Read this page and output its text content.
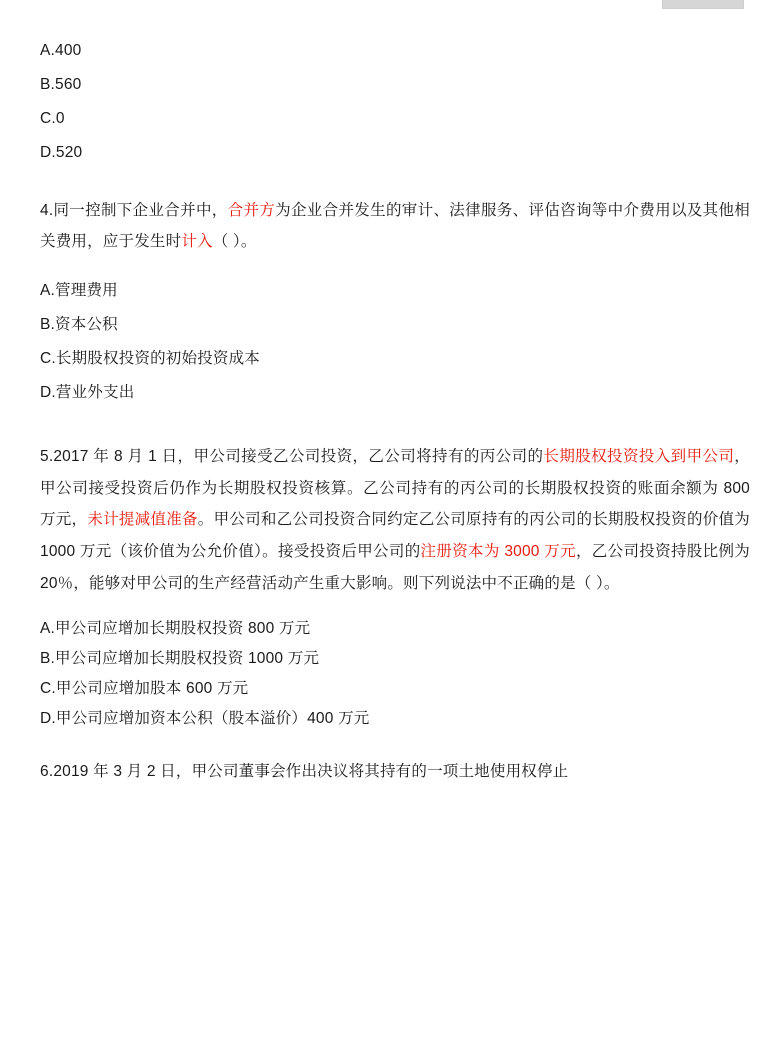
A.400
B.560
C.0
D.520
4.同一控制下企业合并中，合并方为企业合并发生的审计、法律服务、评估咨询等中介费用以及其他相关费用，应于发生时计入（ ）。
A.管理费用
B.资本公积
C.长期股权投资的初始投资成本
D.营业外支出
5.2017 年 8 月 1 日，甲公司接受乙公司投资，乙公司将持有的丙公司的长期股权投资投入到甲公司，甲公司接受投资后仍作为长期股权投资核算。乙公司持有的丙公司的长期股权投资的账面余额为 800 万元，未计提减值准备。甲公司和乙公司投资合同约定乙公司原持有的丙公司的长期股权投资的价值为 1000 万元（该价值为公允价值）。接受投资后甲公司的注册资本为 3000 万元，乙公司投资持股比例为 20％，能够对甲公司的生产经营活动产生重大影响。则下列说法中不正确的是（ ）。
A.甲公司应增加长期股权投资 800 万元
B.甲公司应增加长期股权投资 1000 万元
C.甲公司应增加股本 600 万元
D.甲公司应增加资本公积（股本溢价）400 万元
6.2019 年 3 月 2 日，甲公司董事会作出决议将其持有的一项土地使用权停止
